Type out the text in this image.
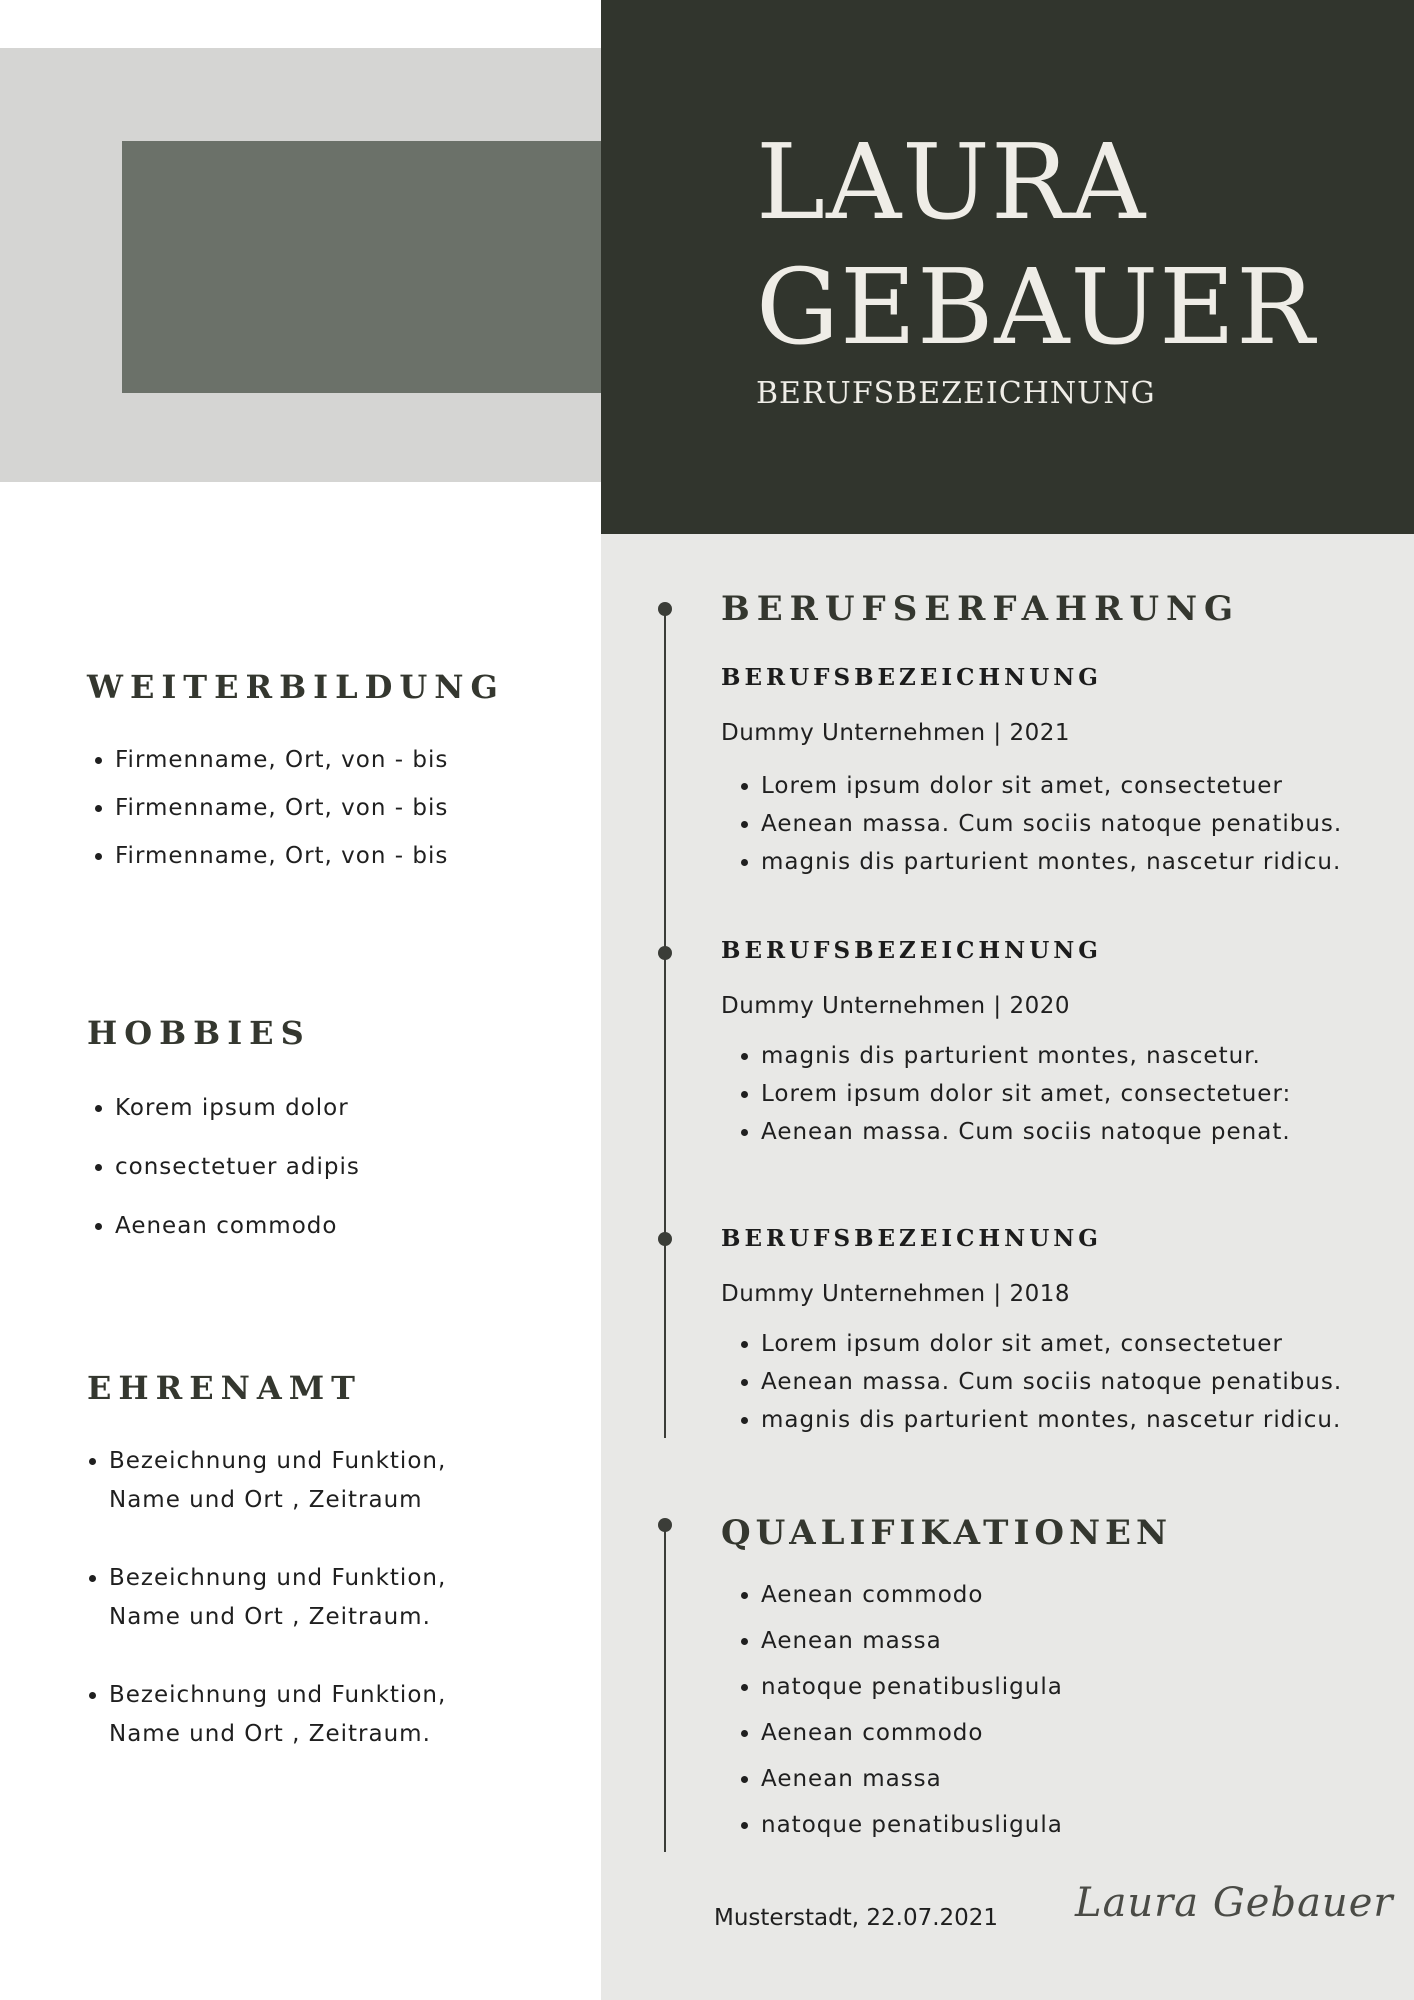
LAURA
GEBAUER

BERUFSBEZEICHNUNG

WEITERBILDUNG
• Firmenname, Ort, von - bis
• Firmenname, Ort, von - bis
• Firmenname, Ort, von - bis
HOBBIES
• Korem ipsum dolor
• consectetuer adipis
• Aenean commodo
EHRENAMT
• Bezeichnung und Funktion,
Name und Ort , Zeitraum
• Bezeichnung und Funktion,
Name und Ort , Zeitraum.
• Bezeichnung und Funktion,
Name und Ort , Zeitraum.
BERUFSERFAHRUNG
BERUFSBEZEICHNUNG

Dummy Unternehmen | 2021

• Lorem ipsum dolor sit amet, consectetuer
• Aenean massa. Cum sociis natoque penatibus.
• magnis dis parturient montes, nascetur ridicu.
BERUFSBEZEICHNUNG

Dummy Unternehmen | 2020

• magnis dis parturient montes, nascetur.
• Lorem ipsum dolor sit amet, consectetuer:
• Aenean massa. Cum sociis natoque penat.
BERUFSBEZEICHNUNG

Dummy Unternehmen | 2018

• Lorem ipsum dolor sit amet, consectetuer
• Aenean massa. Cum sociis natoque penatibus.
• magnis dis parturient montes, nascetur ridicu.
QUALIFIKATIONEN
• Aenean commodo
• Aenean massa
• natoque penatibusligula
• Aenean commodo
• Aenean massa
• natoque penatibusligula

Musterstadt, 22.07.2021 Laura Gebauer
